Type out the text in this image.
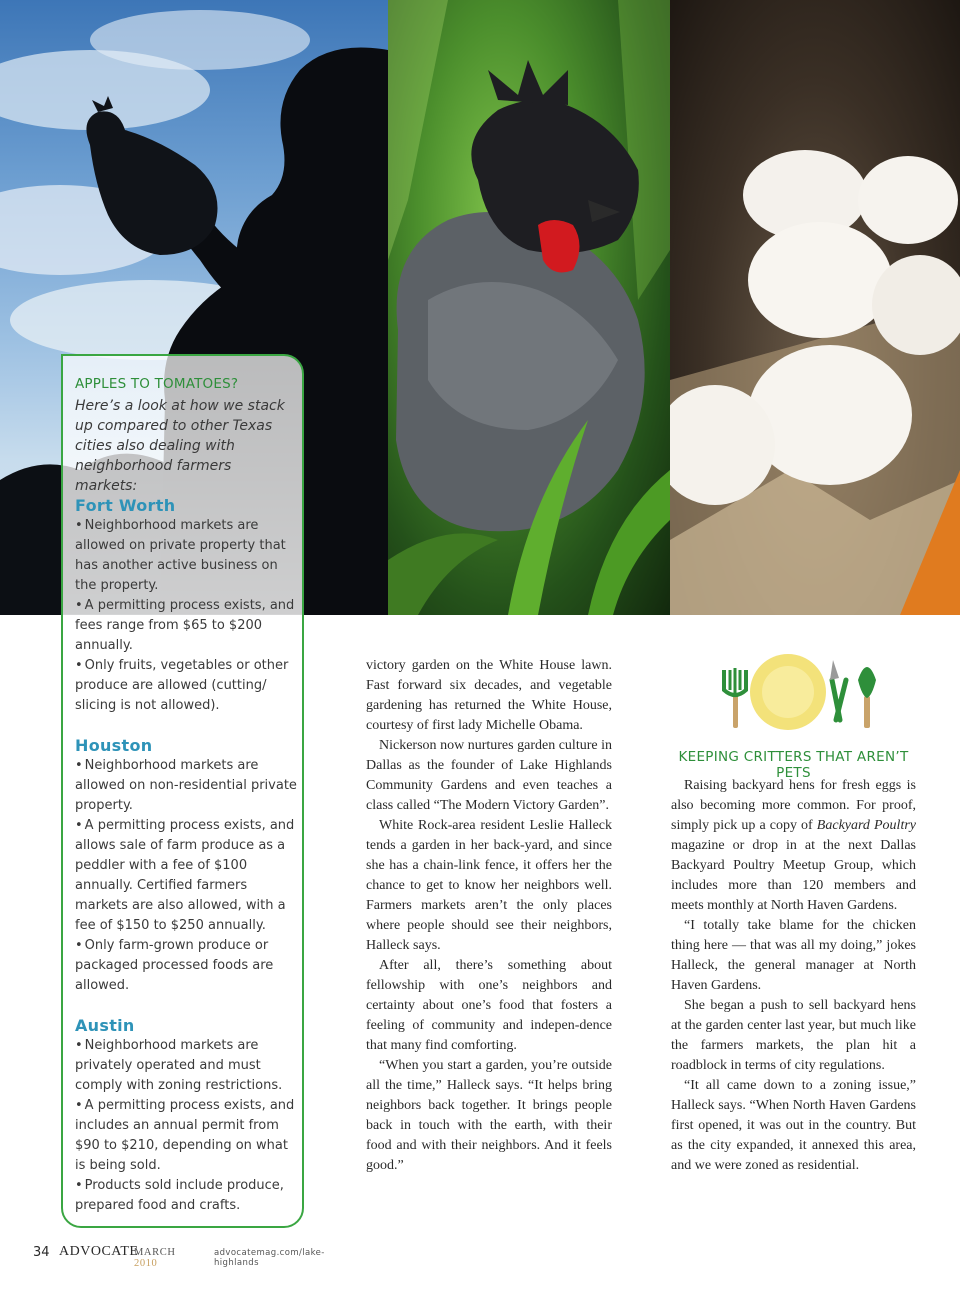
APPLES TO TOMATOES?
Here’s a look at how we stack up compared to other Texas cities also dealing with neighborhood farmers markets:
Fort Worth
• Neighborhood markets are allowed on private property that has another active business on the property.
• A permitting process exists, and fees range from $65 to $200 annually.
• Only fruits, vegetables or other produce are allowed (cutting/ slicing is not allowed).
Houston
• Neighborhood markets are allowed on non-residential private property.
• A permitting process exists, and allows sale of farm produce as a peddler with a fee of $100 annually. Certified farmers markets are also allowed, with a fee of $150 to $250 annually.
• Only farm-grown produce or packaged processed foods are allowed.
Austin
• Neighborhood markets are privately operated and must comply with zoning restrictions.
• A permitting process exists, and includes an annual permit from $90 to $210, depending on what is being sold.
• Products sold include produce, prepared food and crafts.

victory garden on the White House lawn. Fast forward six decades, and vegetable gardening has returned the White House, courtesy of first lady Michelle Obama.

Nickerson now nurtures garden culture in Dallas as the founder of Lake Highlands Community Gardens and even teaches a class called “The Modern Victory Garden”.

White Rock-area resident Leslie Halleck tends a garden in her back-yard, and since she has a chain-link fence, it offers her the chance to get to know her neighbors well. Farmers markets aren’t the only places where people should see their neighbors, Halleck says.

After all, there’s something about fellowship with one’s neighbors and certainty about one’s food that fosters a feeling of community and indepen-dence that many find comforting.

“When you start a garden, you’re outside all the time,” Halleck says. “It helps bring neighbors back together. It brings people back in touch with the earth, with their food and with their neighbors. And it feels good.”

KEEPING CRITTERS THAT AREN’T PETS

Raising backyard hens for fresh eggs is also becoming more common. For proof, simply pick up a copy of Backyard Poultry magazine or drop in at the next Dallas Backyard Poultry Meetup Group, which includes more than 120 members and meets monthly at North Haven Gardens.

“I totally take blame for the chicken thing here — that was all my doing,” jokes Halleck, the general manager at North Haven Gardens.

She began a push to sell backyard hens at the garden center last year, but much like the farmers markets, the plan hit a roadblock in terms of city regulations.

“It all came down to a zoning issue,” Halleck says. “When North Haven Gardens first opened, it was out in the country. But as the city expanded, it annexed this area, and we were zoned as residential.

34 ADVOCATE
MARCH 2010
advocatemag.com/lake-highlands
